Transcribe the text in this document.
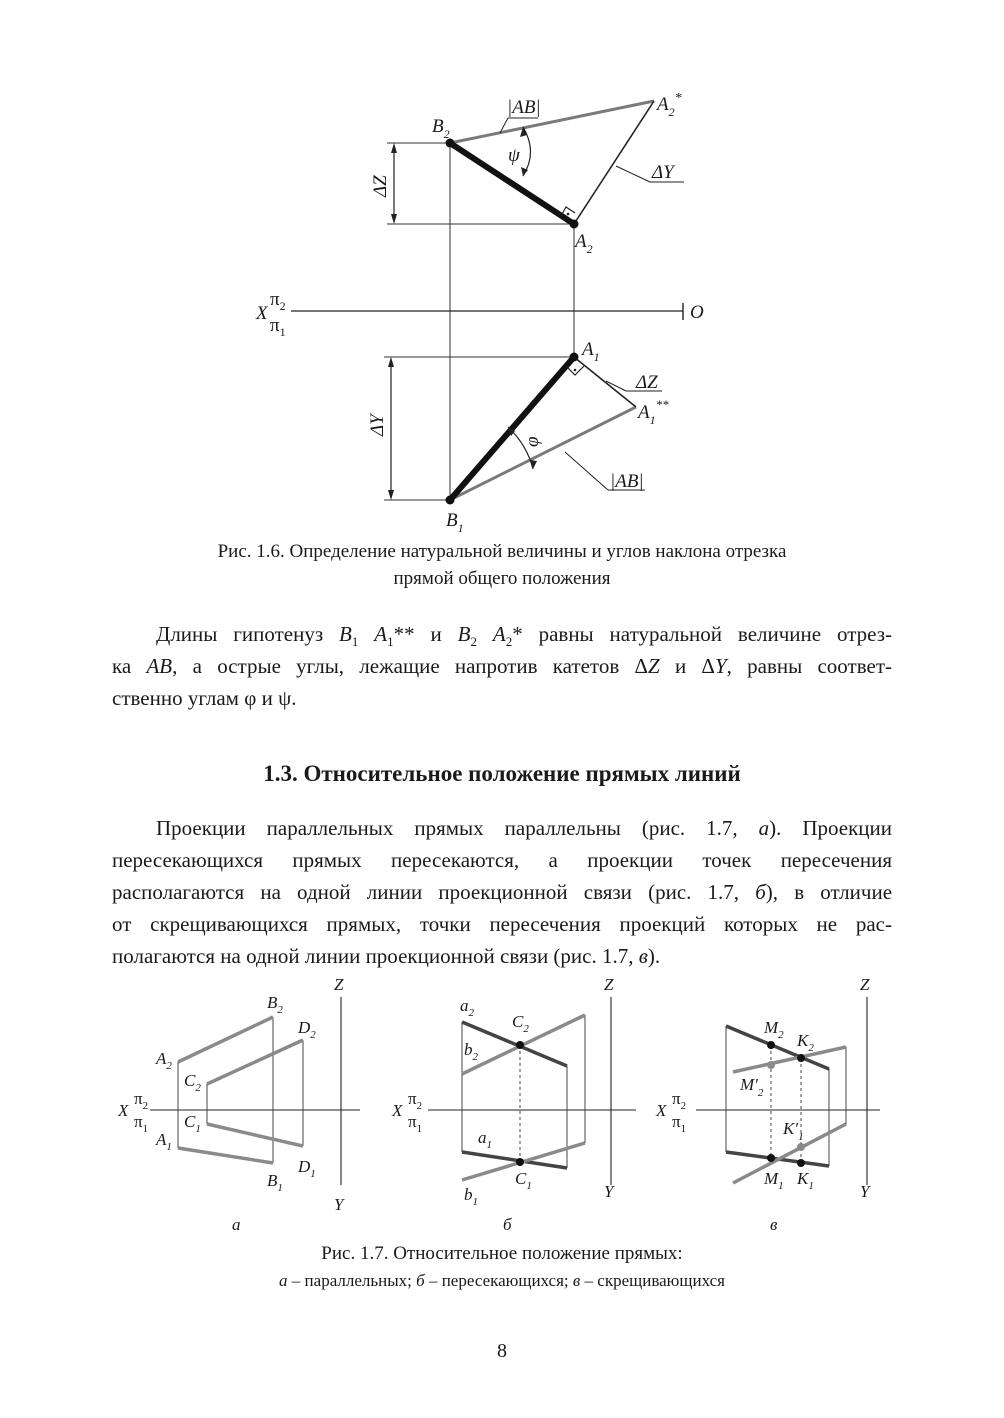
|AB|	$A_2^*$
$B_2$
ψ
ΔY
ΔZ
$A_2$
X
$\pi_2$
$\pi_1$
O
$A_1$
ΔZ
$A_1^{**}$
ΔY
φ
|AB|
$B_1$
Рис. 1.6. Определение натуральной величины и углов наклона отрезка
прямой общего положения
Длины гипотенуз $B_1$ $A_1**$ и $B_2$ $A_2*$ равны натуральной величине отрез-
ка AB, а острые углы, лежащие напротив катетов ΔZ и ΔY, равны соответ-
ственно углам φ и ψ.
1.3. Относительное положение прямых линий
Проекции параллельных прямых параллельны (рис. 1.7, а). Проекции
пересекающихся прямых пересекаются, а проекции точек пересечения
располагаются на одной линии проекционной связи (рис. 1.7, б), в отличие
от скрещивающихся прямых, точки пересечения проекций которых не рас-
полагаются на одной линии проекционной связи (рис. 1.7, в).
Z
Y
X
$\pi_2$
$\pi_1$
$B_2$
$D_2$
$A_2$
$C_2$
$C_1$
$A_1$
$D_1$
$B_1$
а
Z
Y
X
$\pi_2$
$\pi_1$
$a_2$ $C_2$
$b_2$
$a_1$
$C_1$
$b_1$
б
Z
Y
X
$\pi_2$
$\pi_1$
$M_2$ $K_2$
$M'_2$
$K'_1$
$M_1$ $K_1$
в
Рис. 1.7. Относительное положение прямых:
а – параллельных; б – пересекающихся; в – скрещивающихся
8
